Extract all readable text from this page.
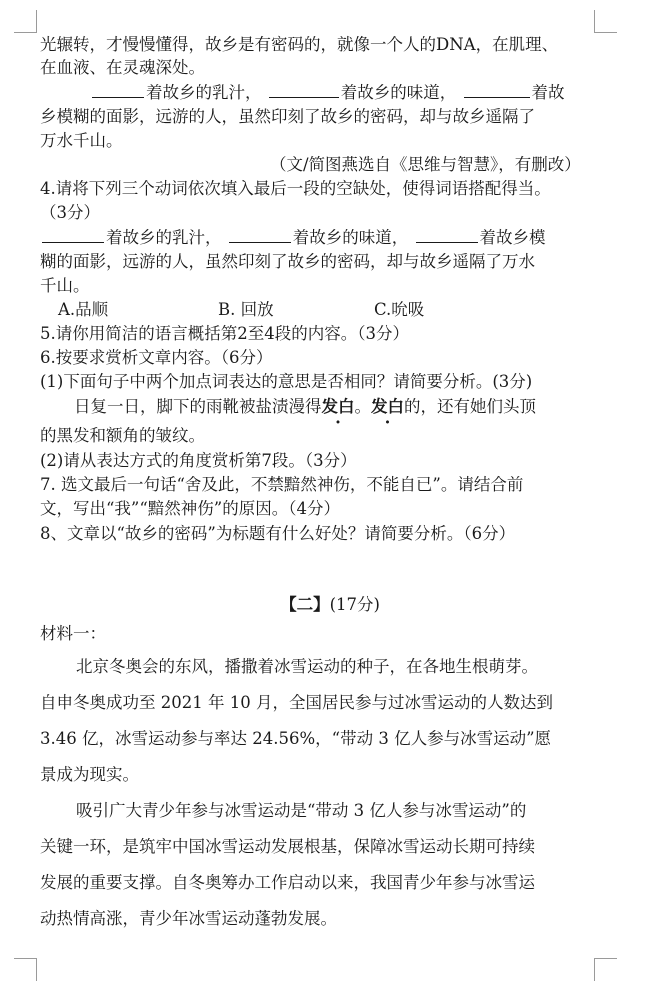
光辗转，才慢慢懂得，故乡是有密码的，就像一个人的DNA，在肌理、
在血液、在灵魂深处。
着故乡的乳汁，	着故乡的味道，	着故
乡模糊的面影，远游的人，虽然印刻了故乡的密码，却与故乡遥隔了
万水千山。
（文/简图燕选自《思维与智慧》，有删改）
4.请将下列三个动词依次填入最后一段的空缺处，使得词语搭配得当。
（3分）
着故乡的乳汁，	着故乡的味道，	着故乡模
糊的面影，远游的人，虽然印刻了故乡的密码，却与故乡遥隔了万水
千山。
A.品顺	B. 回放	C.吮吸
5.请你用简洁的语言概括第2至4段的内容。（3分）
6.按要求赏析文章内容。（6分）
(1)下面句子中两个加点词表达的意思是否相同？请简要分析。(3分)
日复一日，脚下的雨靴被盐渍漫得发白。发白的，还有她们头顶
的黑发和额角的皱纹。
(2)请从表达方式的角度赏析第7段。（3分）
7. 选文最后一句话“舍及此，不禁黯然神伤，不能自已”。请结合前
文，写出“我”“黯然神伤”的原因。（4分）
8、文章以“故乡的密码”为标题有什么好处？请简要分析。（6分）
【二】(17分)
材料一：
北京冬奥会的东风，播撒着冰雪运动的种子，在各地生根萌芽。
自申冬奥成功至 2021 年 10 月，全国居民参与过冰雪运动的人数达到
3.46 亿，冰雪运动参与率达 24.56%，“带动 3 亿人参与冰雪运动”愿
景成为现实。
吸引广大青少年参与冰雪运动是“带动 3 亿人参与冰雪运动”的
关键一环，是筑牢中国冰雪运动发展根基，保障冰雪运动长期可持续
发展的重要支撑。自冬奥筹办工作启动以来，我国青少年参与冰雪运
动热情高涨，青少年冰雪运动蓬勃发展。
